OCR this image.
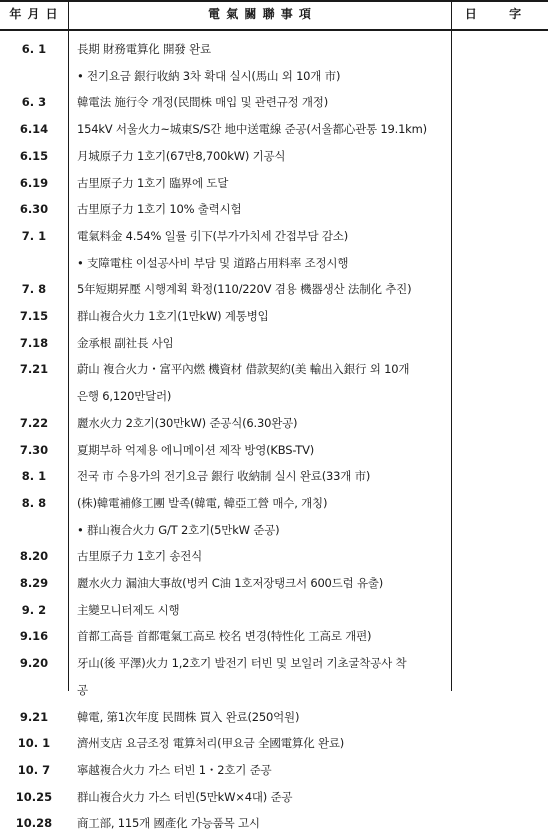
年 月 日	電 氣 關 聯 事 項	日 字
6. 1	長期 財務電算化 開發 완료
• 전기요금 銀行收納 3차 확대 실시(馬山 외 10개 市)
6. 3	韓電法 施行令 개정(民間株 매입 및 관련규정 개정)
6.14	154kV 서울火力~城東S/S간 地中送電線 준공(서울都心관통 19.1km)
6.15	月城原子力 1호기(67만8,700kW) 기공식
6.19	古里原子力 1호기 臨界에 도달
6.30	古里原子力 1호기 10% 출력시험
7. 1	電氣料金 4.54% 일률 引下(부가가치세 간접부담 감소)
• 支障電柱 이설공사비 부담 및 道路占用料率 조정시행
7. 8	5年短期昇壓 시행계획 확정(110/220V 겸용 機器생산 法制化 추진)
7.15	群山複合火力 1호기(1만kW) 계통병입
7.18	金承根 副社長 사임
7.21	蔚山 複合火力・富平內燃 機資材 借款契約(美 輸出入銀行 외 10개
은행 6,120만달러)
7.22	麗水火力 2호기(30만kW) 준공식(6.30완공)
7.30	夏期부하 억제용 에니메이션 제작 방영(KBS-TV)
8. 1	전국 市 수용가의 전기요금 銀行 收納制 실시 완료(33개 市)
8. 8	(株)韓電補修工團 발족(韓電, 韓亞工營 매수, 개칭)
• 群山複合火力 G/T 2호기(5만kW 준공)
8.20	古里原子力 1호기 송전식
8.29	麗水火力 漏油大事故(벙커 C油 1호저장탱크서 600드럼 유출)
9. 2	主變모니터제도 시행
9.16	首都工高를 首都電氣工高로 校名 변경(特性化 工高로 개편)
9.20	牙山(後 平澤)火力 1,2호기 발전기 터빈 및 보일러 기초굴착공사 착
공
9.21	韓電, 第1次年度 民間株 買入 완료(250억원)
10. 1	濟州支店 요금조정 電算처리(甲요금 全國電算化 완료)
10. 7	寧越複合火力 가스 터빈 1・2호기 준공
10.25	群山複合火力 가스 터빈(5만kW×4대) 준공
10.28	商工部, 115개 國產化 가능품목 고시
